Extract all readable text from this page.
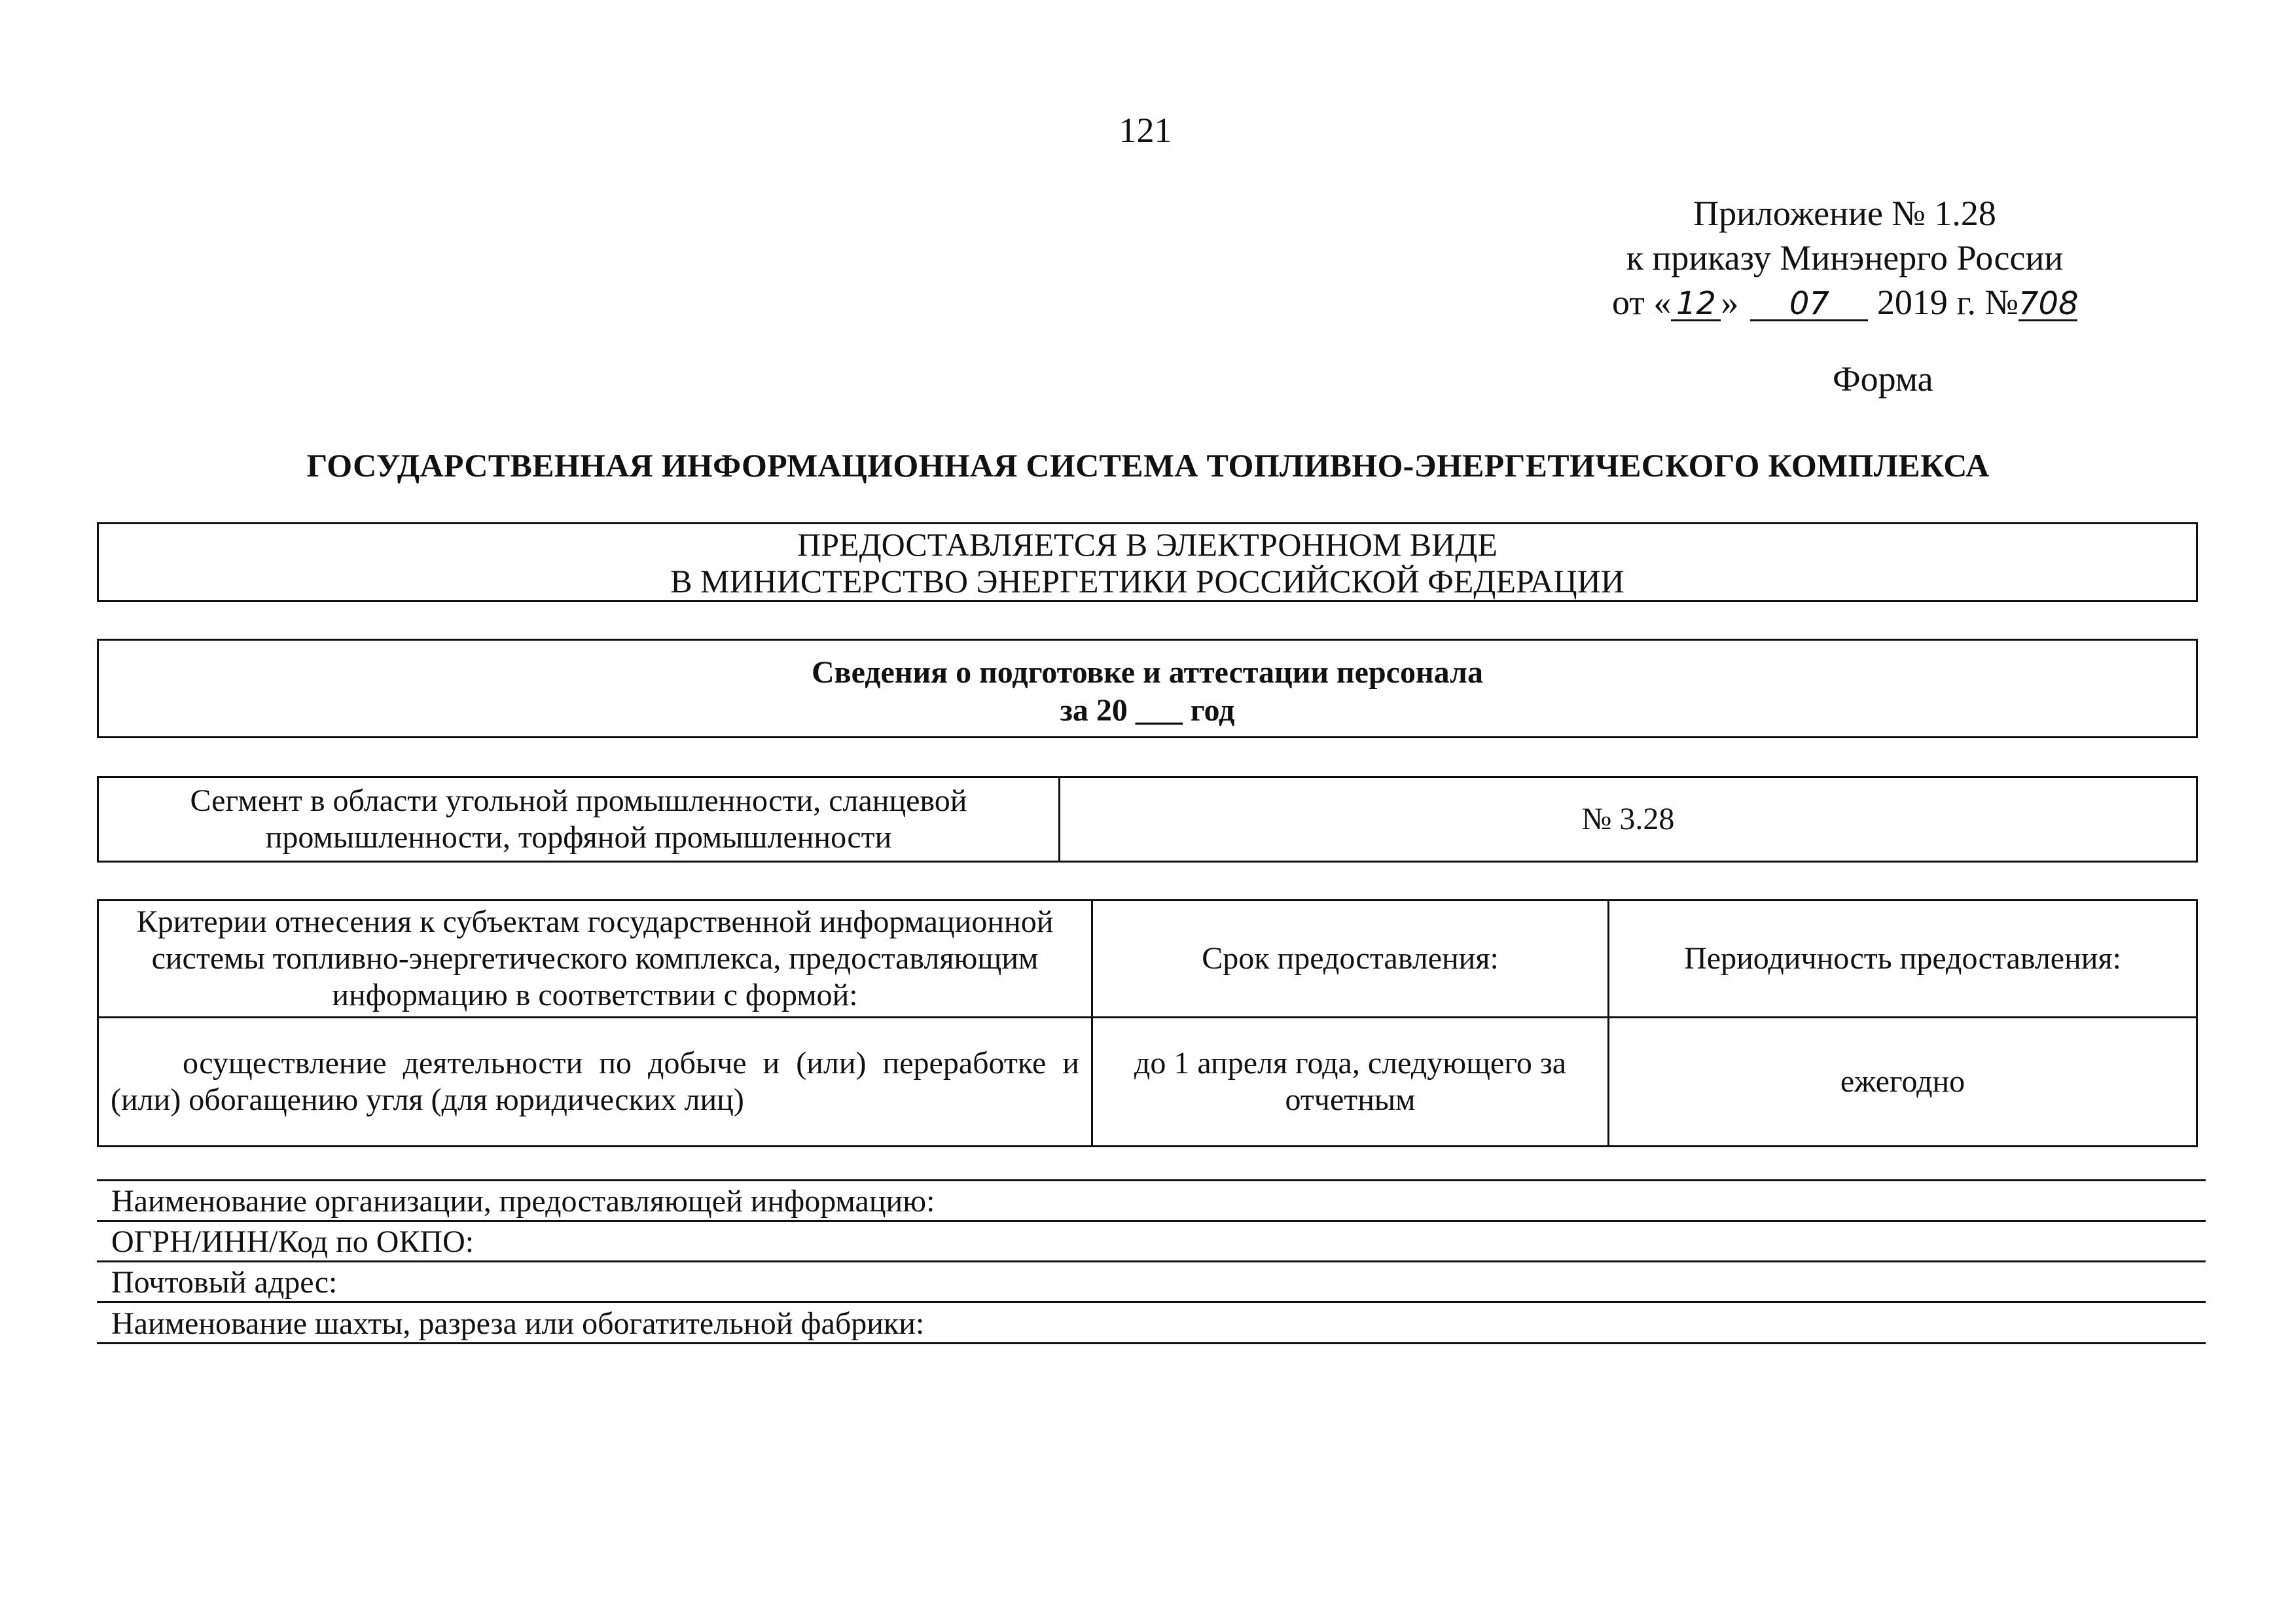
121
Приложение № 1.28
к приказу Минэнерго России
от « 12 » 07 2019 г. №708
Форма
ГОСУДАРСТВЕННАЯ ИНФОРМАЦИОННАЯ СИСТЕМА ТОПЛИВНО-ЭНЕРГЕТИЧЕСКОГО КОМПЛЕКСА
ПРЕДОСТАВЛЯЕТСЯ В ЭЛЕКТРОННОМ ВИДЕ
В МИНИСТЕРСТВО ЭНЕРГЕТИКИ РОССИЙСКОЙ ФЕДЕРАЦИИ
Сведения о подготовке и аттестации персонала
за 20 ___ год
Сегмент в области угольной промышленности, сланцевой промышленности, торфяной промышленности	№ 3.28
Критерии отнесения к субъектам государственной информационной системы топливно-энергетического комплекса, предоставляющим информацию в соответствии с формой:	Срок предоставления:	Периодичность предоставления:
осуществление деятельности по добыче и (или) переработке и (или) обогащению угля (для юридических лиц)	до 1 апреля года, следующего за отчетным	ежегодно
Наименование организации, предоставляющей информацию:
ОГРН/ИНН/Код по ОКПО:
Почтовый адрес:
Наименование шахты, разреза или обогатительной фабрики:
